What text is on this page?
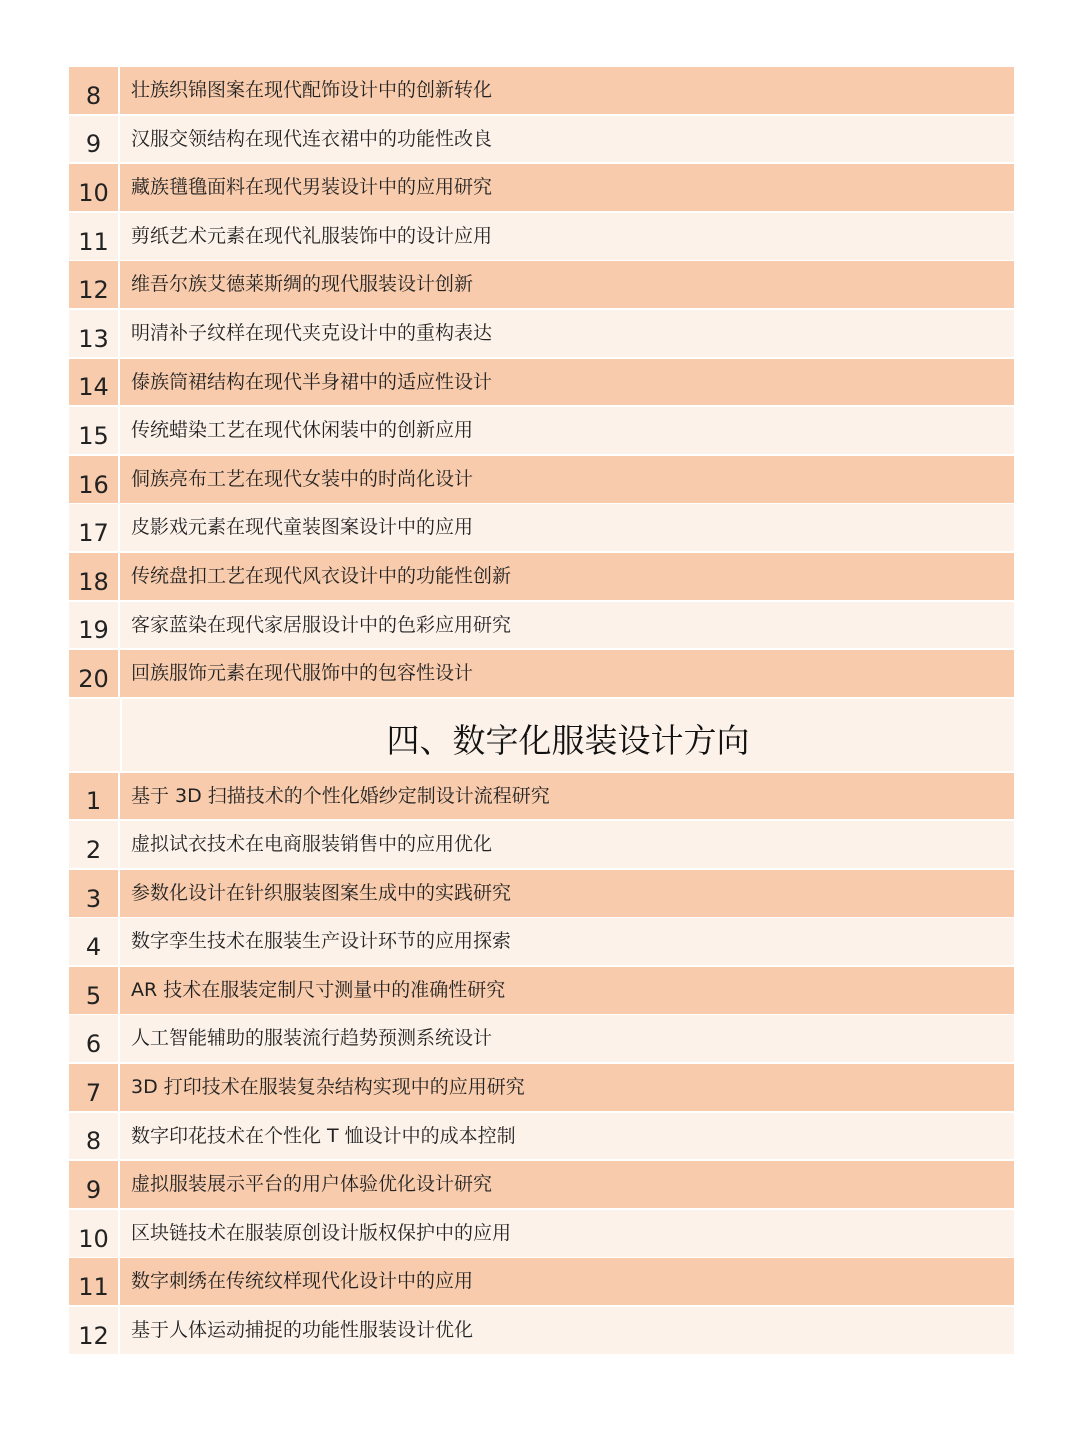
8	壮族织锦图案在现代配饰设计中的创新转化
9	汉服交领结构在现代连衣裙中的功能性改良
10	藏族氆氇面料在现代男装设计中的应用研究
11	剪纸艺术元素在现代礼服装饰中的设计应用
12	维吾尔族艾德莱斯绸的现代服装设计创新
13	明清补子纹样在现代夹克设计中的重构表达
14	傣族筒裙结构在现代半身裙中的适应性设计
15	传统蜡染工艺在现代休闲装中的创新应用
16	侗族亮布工艺在现代女装中的时尚化设计
17	皮影戏元素在现代童装图案设计中的应用
18	传统盘扣工艺在现代风衣设计中的功能性创新
19	客家蓝染在现代家居服设计中的色彩应用研究
20	回族服饰元素在现代服饰中的包容性设计
四、数字化服装设计方向
1	基于 3D 扫描技术的个性化婚纱定制设计流程研究
2	虚拟试衣技术在电商服装销售中的应用优化
3	参数化设计在针织服装图案生成中的实践研究
4	数字孪生技术在服装生产设计环节的应用探索
5	AR 技术在服装定制尺寸测量中的准确性研究
6	人工智能辅助的服装流行趋势预测系统设计
7	3D 打印技术在服装复杂结构实现中的应用研究
8	数字印花技术在个性化 T 恤设计中的成本控制
9	虚拟服装展示平台的用户体验优化设计研究
10	区块链技术在服装原创设计版权保护中的应用
11	数字刺绣在传统纹样现代化设计中的应用
12	基于人体运动捕捉的功能性服装设计优化
